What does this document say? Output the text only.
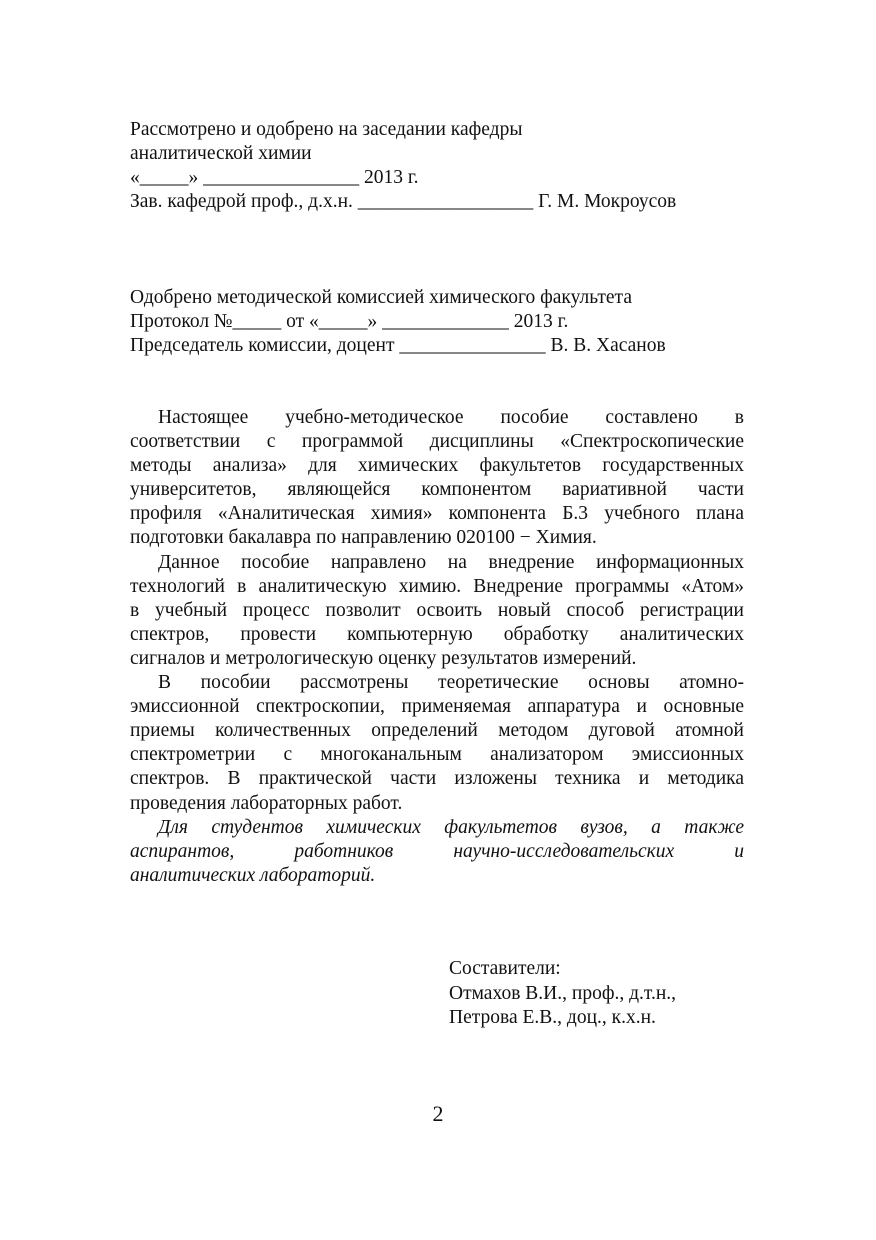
Рассмотрено и одобрено на заседании кафедры
аналитической химии
«_____» ________________ 2013 г.
Зав. кафедрой проф., д.х.н. __________________ Г. М. Мокроусов
Одобрено методической комиссией химического факультета
Протокол №_____ от «_____» _____________ 2013 г.
Председатель комиссии, доцент _______________ В. В. Хасанов
Настоящее учебно-методическое пособие составлено в
соответствии с программой дисциплины «Спектроскопические
методы анализа» для химических факультетов государственных
университетов, являющейся компонентом вариативной части
профиля «Аналитическая химия» компонента Б.3 учебного плана
подготовки бакалавра по направлению 020100 − Химия.
Данное пособие направлено на внедрение информационных
технологий в аналитическую химию. Внедрение программы «Атом»
в учебный процесс позволит освоить новый способ регистрации
спектров, провести компьютерную обработку аналитических
сигналов и метрологическую оценку результатов измерений.
В пособии рассмотрены теоретические основы атомно-
эмиссионной спектроскопии, применяемая аппаратура и основные
приемы количественных определений методом дуговой атомной
спектрометрии с многоканальным анализатором эмиссионных
спектров. В практической части изложены техника и методика
проведения лабораторных работ.
Для студентов химических факультетов вузов, а также
аспирантов, работников научно-исследовательских и
аналитических лабораторий.
Составители:
Отмахов В.И., проф., д.т.н.,
Петрова Е.В., доц., к.х.н.
2
